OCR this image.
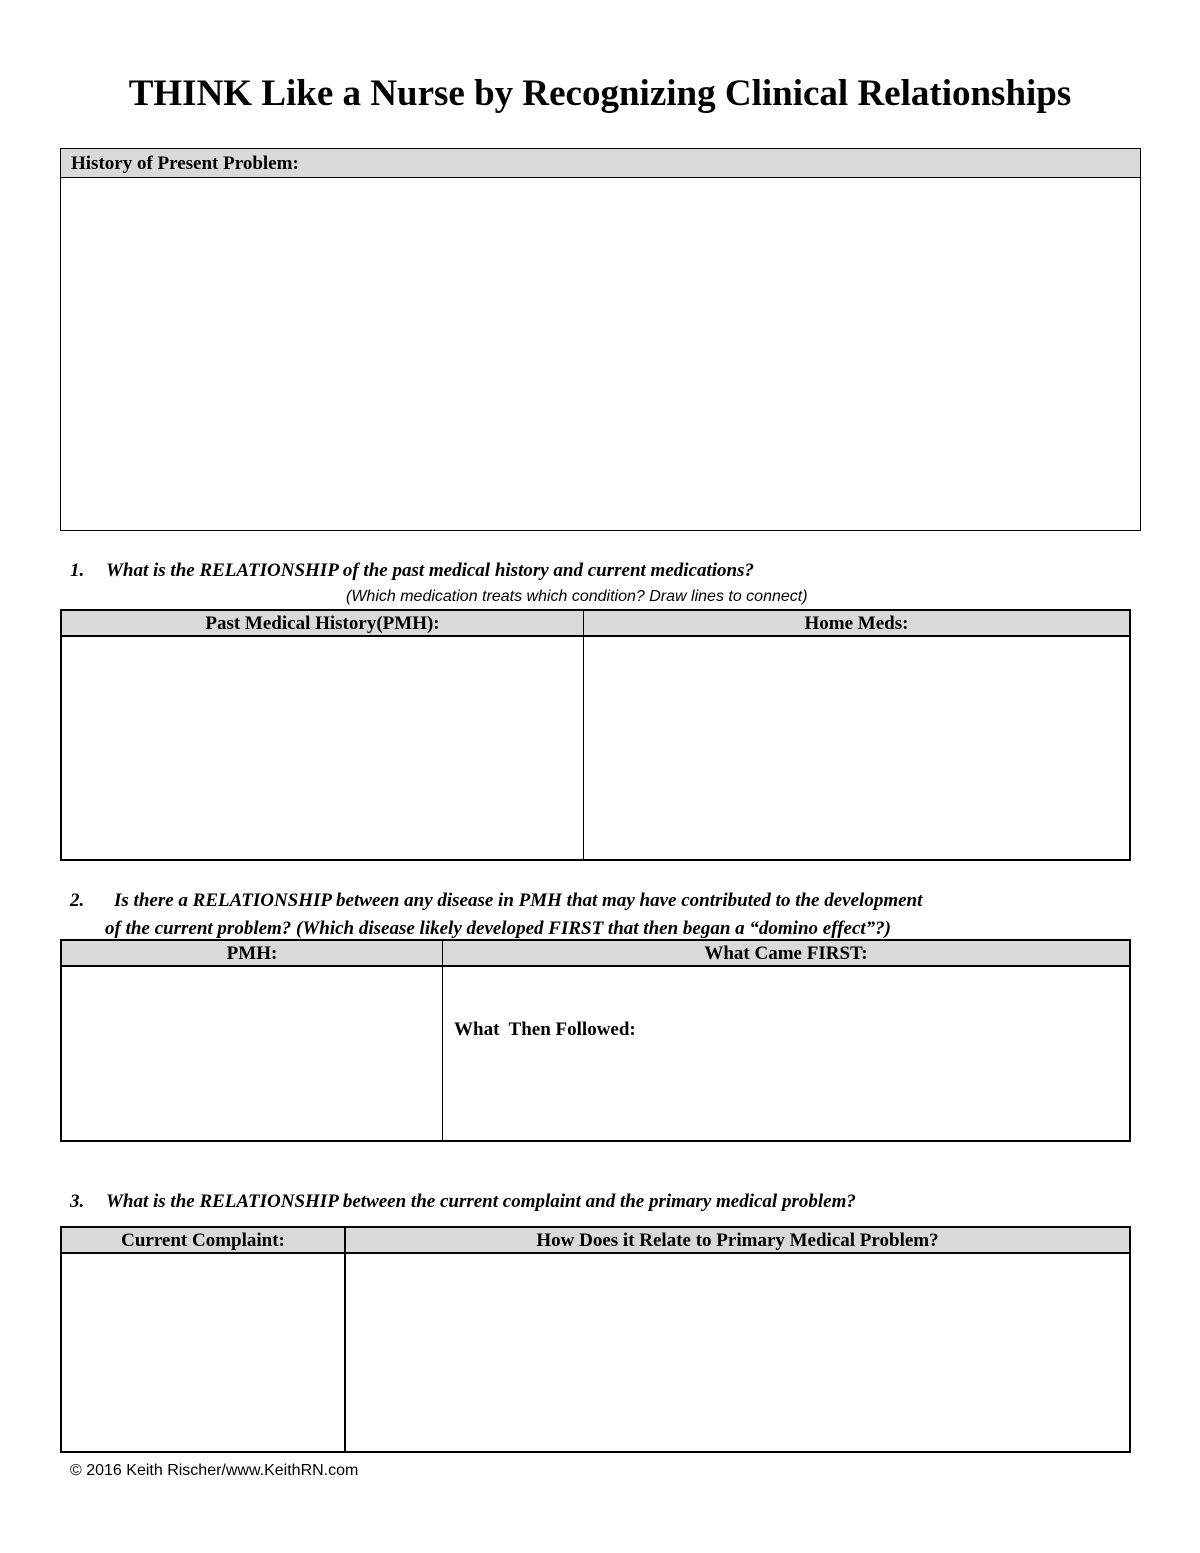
THINK Like a Nurse by Recognizing Clinical Relationships
History of Present Problem:
1. What is the RELATIONSHIP of the past medical history and current medications?
(Which medication treats which condition? Draw lines to connect)
Past Medical History(PMH):	Home Meds:
2. Is there a RELATIONSHIP between any disease in PMH that may have contributed to the development
of the current problem? (Which disease likely developed FIRST that then began a “domino effect”?)
PMH:	What Came FIRST:
What  Then Followed:
3. What is the RELATIONSHIP between the current complaint and the primary medical problem?
Current Complaint:	How Does it Relate to Primary Medical Problem?
© 2016 Keith Rischer/www.KeithRN.com
